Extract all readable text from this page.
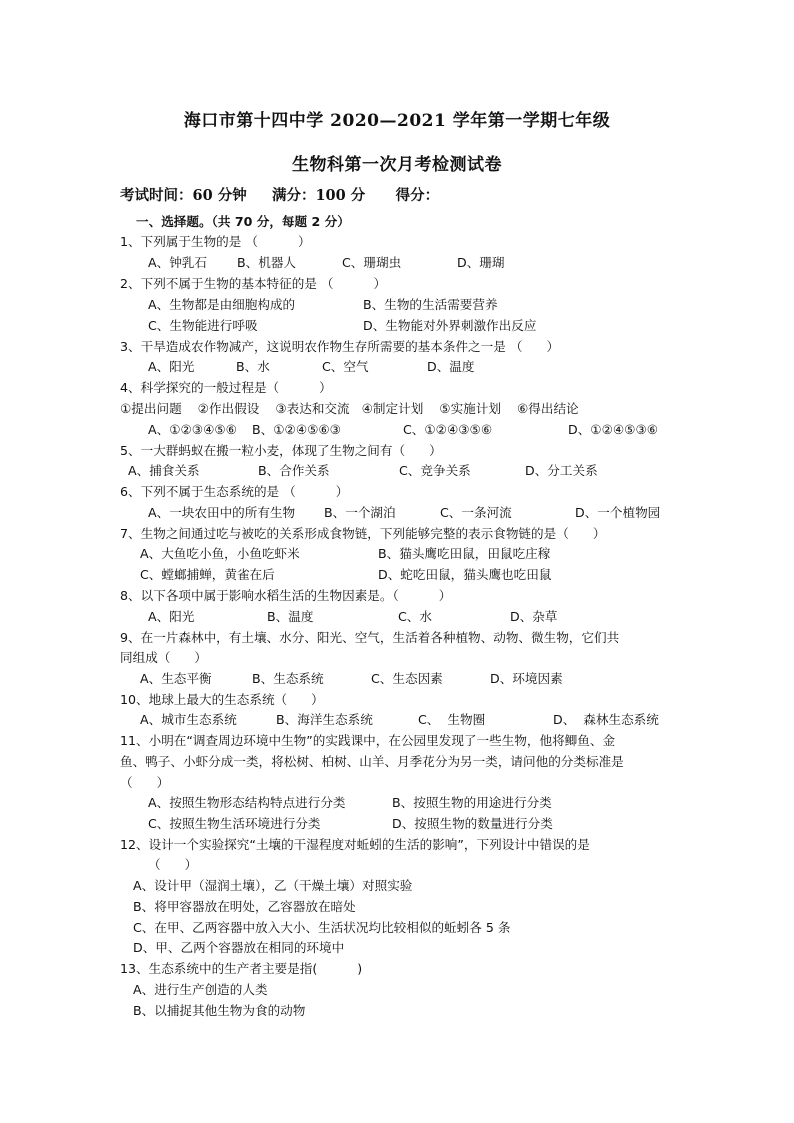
海口市第十四中学 2020—2021 学年第一学期七年级
生物科第一次月考检测试卷
考试时间：60 分钟     满分：100 分      得分：
一、选择题。（共 70 分，每题 2 分）
1、下列属于生物的是 （          ）
A、钟乳石 B、机器人	C、珊瑚虫	D、珊瑚
2、下列不属于生物的基本特征的是 （          ）
A、生物都是由细胞构成的	B、生物的生活需要营养
C、生物能进行呼吸	D、生物能对外界刺激作出反应
3、干旱造成农作物减产，这说明农作物生存所需要的基本条件之一是 （      ）
A、阳光	B、水	C、空气	D、温度
4、科学探究的一般过程是（          ）
①提出问题    ②作出假设    ③表达和交流   ④制定计划    ⑤实施计划    ⑥得出结论
A、①②③④⑤⑥ B、①②④⑤⑥③	C、①②④③⑤⑥	D、①②④⑤③⑥
5、一大群蚂蚁在搬一粒小麦，体现了生物之间有（      ）
A、捕食关系	B、合作关系	C、竞争关系	D、分工关系
6、下列不属于生态系统的是 （          ）
A、一块农田中的所有生物 B、一个湖泊	C、一条河流	D、一个植物园
7、生物之间通过吃与被吃的关系形成食物链，下列能够完整的表示食物链的是（      ）
A、大鱼吃小鱼，小鱼吃虾米	B、猫头鹰吃田鼠，田鼠吃庄稼
C、螳螂捕蝉，黄雀在后	D、蛇吃田鼠，猫头鹰也吃田鼠
8、以下各项中属于影响水稻生活的生物因素是。（          ）
A、阳光	B、温度	C、水	D、杂草
9、在一片森林中，有土壤、水分、阳光、空气，生活着各种植物、动物、微生物，它们共
同组成（      ）
A、生态平衡	B、生态系统	C、生态因素	D、环境因素
10、地球上最大的生态系统（      ）
A、城市生态系统	B、海洋生态系统	C、  生物圈	D、  森林生态系统
11、小明在“调查周边环境中生物”的实践课中，在公园里发现了一些生物，他将鲫鱼、金
鱼、鸭子、小虾分成一类，将松树、柏树、山羊、月季花分为另一类，请问他的分类标准是
（      ）
A、按照生物形态结构特点进行分类	B、按照生物的用途进行分类
C、按照生物生活环境进行分类	D、按照生物的数量进行分类
12、设计一个实验探究“土壤的干湿程度对蚯蚓的生活的影响”，下列设计中错误的是
（      ）
A、设计甲（湿润土壤），乙（干燥土壤）对照实验
B、将甲容器放在明处，乙容器放在暗处
C、在甲、乙两容器中放入大小、生活状况均比较相似的蚯蚓各 5 条
D、甲、乙两个容器放在相同的环境中
13、生态系统中的生产者主要是指(          )
A、进行生产创造的人类
B、以捕捉其他生物为食的动物
